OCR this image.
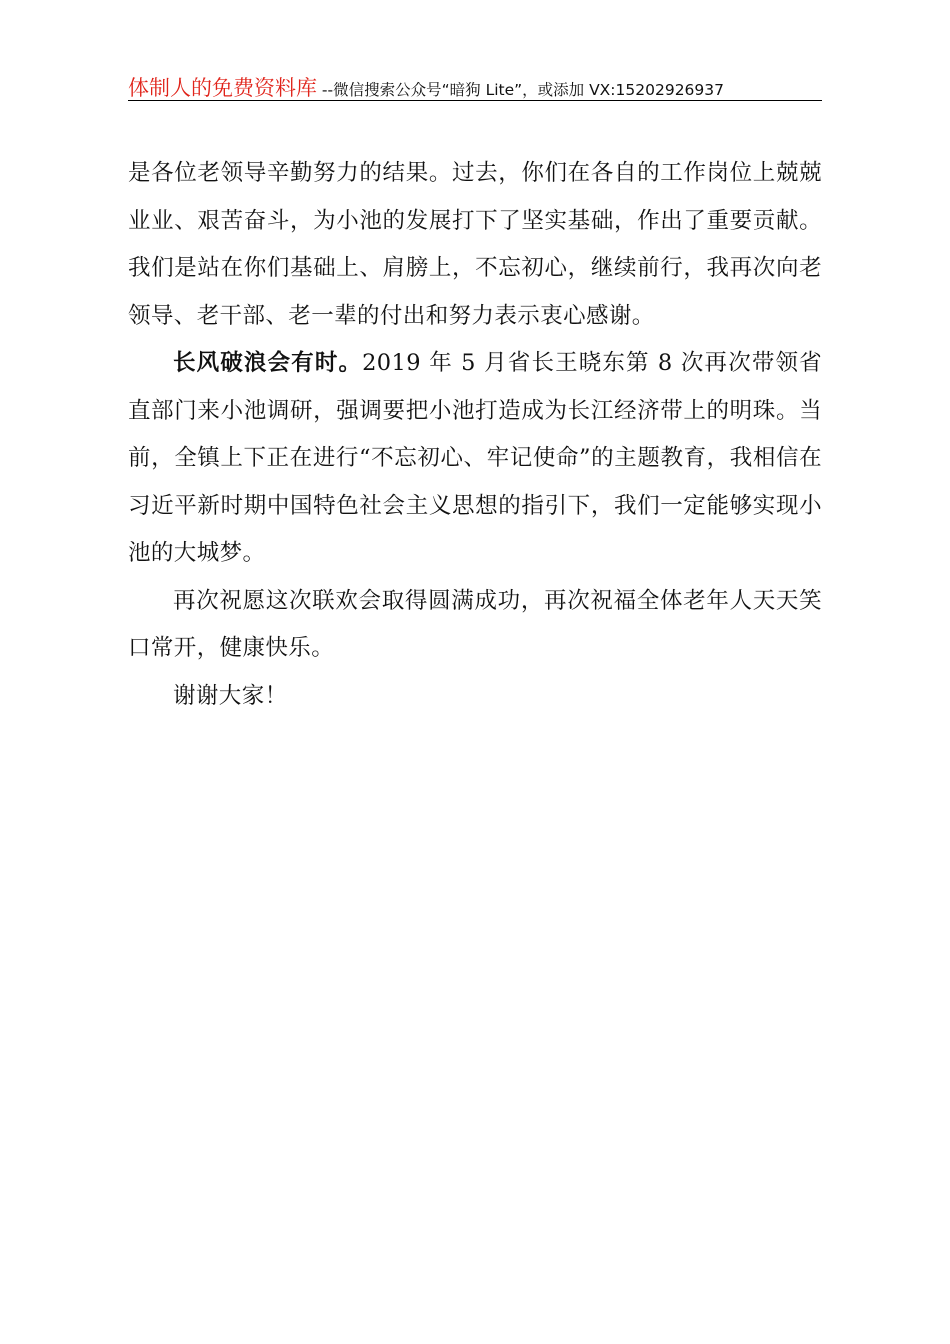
体制人的免费资料库 --微信搜索公众号“暗狗 Lite”，或添加 VX:15202926937

是各位老领导辛勤努力的结果。过去，你们在各自的工作岗位上兢兢业业、艰苦奋斗，为小池的发展打下了坚实基础，作出了重要贡献。我们是站在你们基础上、肩膀上，不忘初心，继续前行，我再次向老领导、老干部、老一辈的付出和努力表示衷心感谢。

长风破浪会有时。2019 年 5 月省长王晓东第 8 次再次带领省直部门来小池调研，强调要把小池打造成为长江经济带上的明珠。当前，全镇上下正在进行“不忘初心、牢记使命”的主题教育，我相信在习近平新时期中国特色社会主义思想的指引下，我们一定能够实现小池的大城梦。

再次祝愿这次联欢会取得圆满成功，再次祝福全体老年人天天笑口常开，健康快乐。

谢谢大家！
